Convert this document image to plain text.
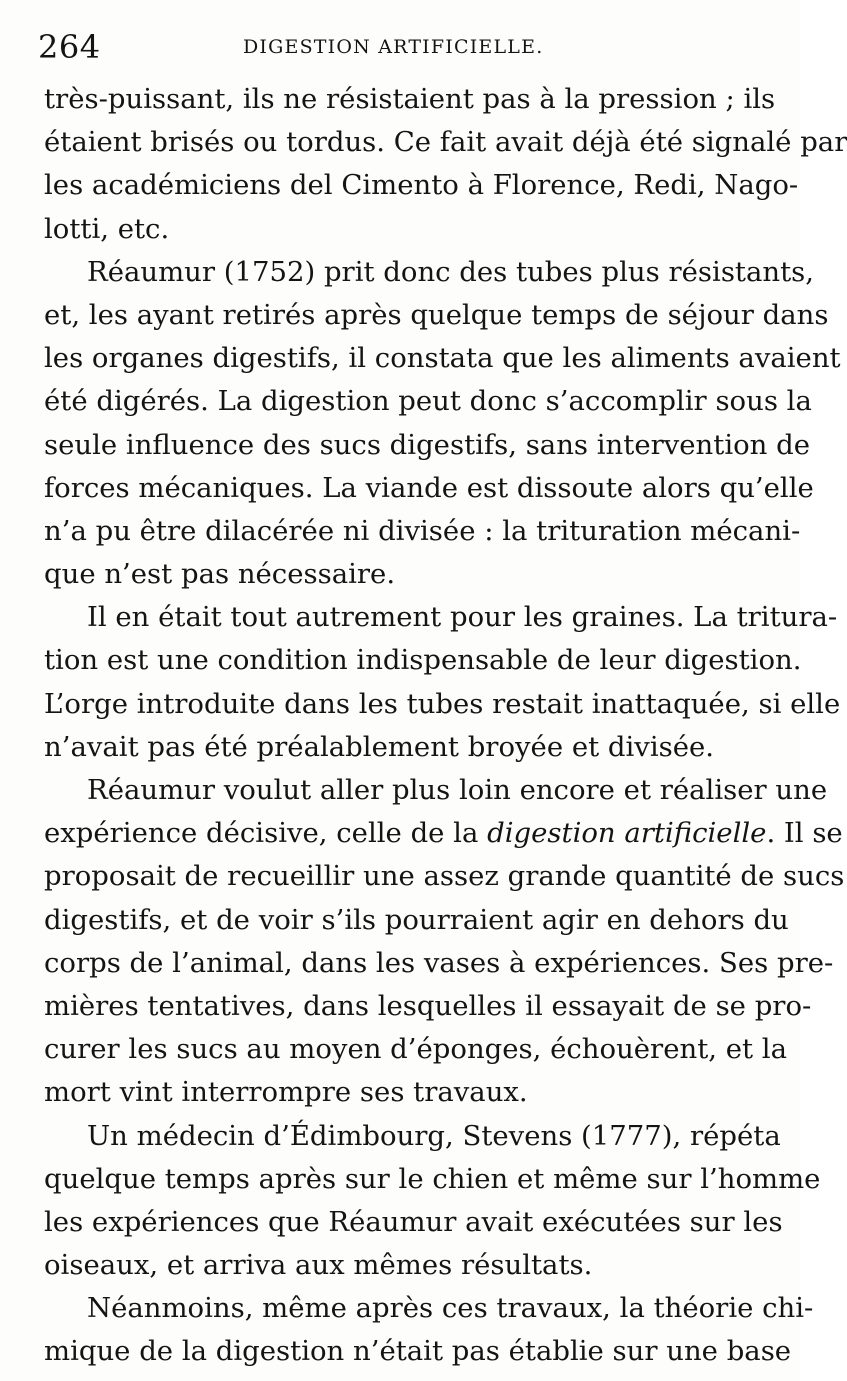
264	DIGESTION ARTIFICIELLE.
très-puissant, ils ne résistaient pas à la pression ; ils
étaient brisés ou tordus. Ce fait avait déjà été signalé par
les académiciens del Cimento à Florence, Redi, Nago-
lotti, etc.
Réaumur (1752) prit donc des tubes plus résistants,
et, les ayant retirés après quelque temps de séjour dans
les organes digestifs, il constata que les aliments avaient
été digérés. La digestion peut donc s’accomplir sous la
seule influence des sucs digestifs, sans intervention de
forces mécaniques. La viande est dissoute alors qu’elle
n’a pu être dilacérée ni divisée : la trituration mécani-
que n’est pas nécessaire.
Il en était tout autrement pour les graines. La tritura-
tion est une condition indispensable de leur digestion.
L’orge introduite dans les tubes restait inattaquée, si elle
n’avait pas été préalablement broyée et divisée.
Réaumur voulut aller plus loin encore et réaliser une
expérience décisive, celle de la digestion artificielle. Il se
proposait de recueillir une assez grande quantité de sucs
digestifs, et de voir s’ils pourraient agir en dehors du
corps de l’animal, dans les vases à expériences. Ses pre-
mières tentatives, dans lesquelles il essayait de se pro-
curer les sucs au moyen d’éponges, échouèrent, et la
mort vint interrompre ses travaux.
Un médecin d’Édimbourg, Stevens (1777), répéta
quelque temps après sur le chien et même sur l’homme
les expériences que Réaumur avait exécutées sur les
oiseaux, et arriva aux mêmes résultats.
Néanmoins, même après ces travaux, la théorie chi-
mique de la digestion n’était pas établie sur une base
